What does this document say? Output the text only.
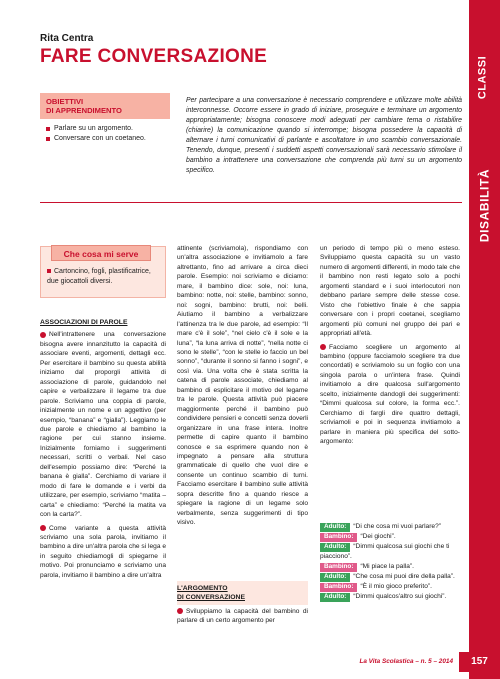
PER TUTTE LE CLASSI
DISABILITÀ
Rita Centra
FARE CONVERSAZIONE
OBIETTIVI
DI APPRENDIMENTO
Parlare su un argomento.
Conversare con un coetaneo.
Per partecipare a una conversazione è necessario comprendere e utilizzare molte abilità interconnesse. Occorre essere in grado di iniziare, proseguire e terminare un argomento appropriatamente; bisogna conoscere modi adeguati per cambiare tema o ristabilire (chiarire) la comunicazione quando si interrompe; bisogna possedere la capacità di alternare i turni comunicativi di parlante e ascoltatore in uno scambio conversazionale. Tenendo, dunque, presenti i suddetti aspetti conversazionali sarà necessario stimolare il bambino a intrattenere una conversazione che comprenda più turni su un argomento specifico.
Che cosa mi serve
Cartoncino, fogli, plastificatrice, due giocattoli diversi.
ASSOCIAZIONI DI PAROLE

Nell'intrattenere una conversazione bisogna avere innanzitutto la capacità di associare eventi, argomenti, dettagli ecc. Per esercitare il bambino su questa abilità iniziamo dal proporgli attività di associazione di parole, guidandolo nel capire e verbalizzare il legame tra due parole. Scriviamo una coppia di parole, inizialmente un nome e un aggettivo (per esempio, “banana” e “gialla”). Leggiamo le due parole e chiediamo al bambino la ragione per cui stanno insieme. Inizialmente forniamo i suggerimenti necessari, scritti o verbali. Nel caso dell'esempio possiamo dire: “Perché la banana è gialla”. Cerchiamo di variare il modo di fare le domande e i verbi da utilizzare, per esempio, scriviamo “matita – carta” e chiediamo: “Perché la matita va con la carta?”.

Come variante a questa attività scriviamo una sola parola, invitiamo il bambino a dire un'altra parola che si lega e in seguito chiediamogli di spiegarne il motivo. Poi pronunciamo e scriviamo una parola, invitiamo il bambino a dire un'altra

attinente (scriviamola), rispondiamo con un'altra associazione e invitiamolo a fare altrettanto, fino ad arrivare a circa dieci parole. Esempio: noi scriviamo e diciamo: mare, il bambino dice: sole, noi: luna, bambino: notte, noi: stelle, bambino: sonno, noi: sogni, bambino: brutti, noi: belli. Aiutiamo il bambino a verbalizzare l'attinenza tra le due parole, ad esempio: “Il mare c'è il sole”, “nel cielo c'è il sole e la luna”, “la luna arriva di notte”, “nella notte ci sono le stelle”, “con le stelle io faccio un bel sonno”, “durante il sonno si fanno i sogni”, e così via. Una volta che è stata scritta la catena di parole associate, chiediamo al bambino di esplicitare il motivo del legame tra le parole. Questa attività può piacere maggiormente perché il bambino può condividere pensieri e concetti senza doverli organizzare in una frase intera. Inoltre permette di capire quanto il bambino conosce e sa esprimere quando non è impegnato a pensare alla struttura grammaticale di quello che vuol dire e consente un continuo scambio di turni. Facciamo esercitare il bambino sulle attività sopra descritte fino a quando riesce a spiegare la ragione di un legame solo verbalmente, senza suggerimenti di tipo visivo.

L'ARGOMENTO
DI CONVERSAZIONE

Sviluppiamo la capacità del bambino di parlare di un certo argomento per

un periodo di tempo più o meno esteso. Sviluppiamo questa capacità su un vasto numero di argomenti differenti, in modo tale che il bambino non resti legato solo a pochi argomenti standard e i suoi interlocutori non debbano parlare sempre delle stesse cose. Visto che l'obiettivo finale è che sappia conversare con i propri coetanei, scegliamo argomenti più comuni nel gruppo dei pari e appropriati all'età.

Facciamo scegliere un argomento al bambino (oppure facciamolo scegliere tra due concordati) e scriviamolo su un foglio con una singola parola o un'intera frase. Quindi invitiamolo a dire qualcosa sull'argomento scelto, inizialmente dandogli dei suggerimenti: “Dimmi qualcosa sul colore, la forma ecc.”. Cerchiamo di fargli dire quattro dettagli, scriviamoli e poi in sequenza invitiamolo a parlare in maniera più specifica del sotto-argomento:

Adulto: “Di che cosa mi vuoi parlare?”
Bambino: “Dei giochi”.
Adulto: “Dimmi qualcosa sui giochi che ti piacciono”.
Bambino: “Mi piace la palla”.
Adulto: “Che cosa mi puoi dire della palla”.
Bambino: “È il mio gioco preferito”.
Adulto: “Dimmi qualcos'altro sui giochi”.
La Vita Scolastica – n. 5 – 2014	157
